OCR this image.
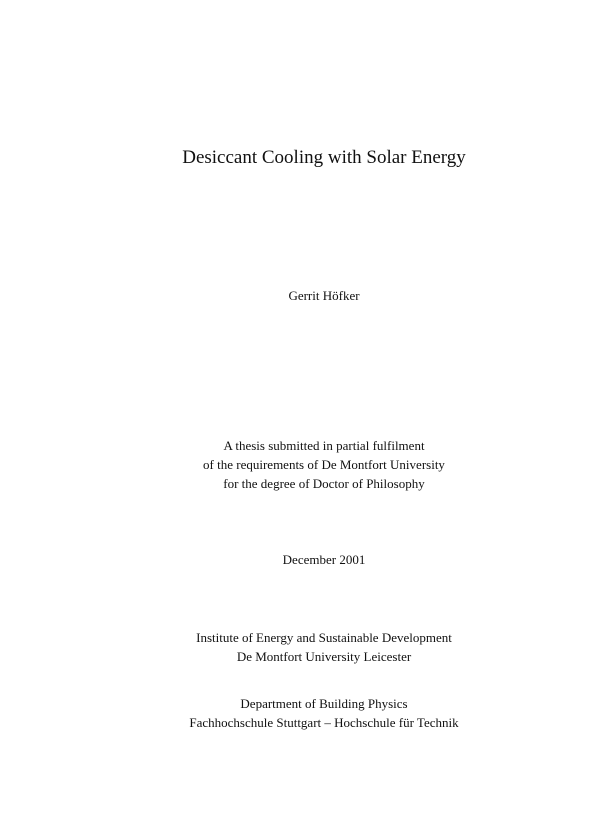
Desiccant Cooling with Solar Energy
Gerrit Höfker
A thesis submitted in partial fulfilment
of the requirements of De Montfort University
for the degree of Doctor of Philosophy
December 2001
Institute of Energy and Sustainable Development
De Montfort University Leicester
Department of Building Physics
Fachhochschule Stuttgart – Hochschule für Technik
